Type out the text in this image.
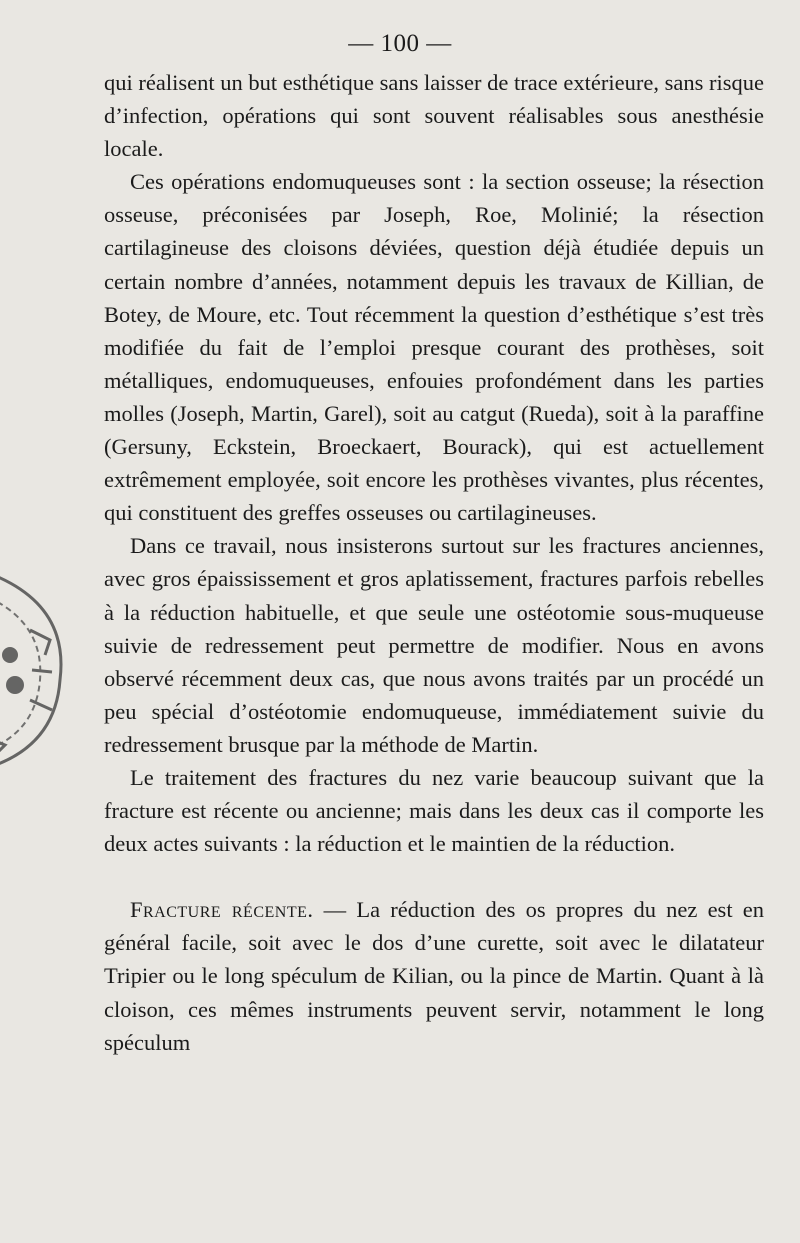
— 100 —

qui réalisent un but esthétique sans laisser de trace extérieure, sans risque d’infection, opérations qui sont souvent réalisables sous anesthésie locale.

Ces opérations endomuqueuses sont : la section osseuse; la résection osseuse, préconisées par Joseph, Roe, Molinié; la résection cartilagineuse des cloisons déviées, question déjà étudiée depuis un certain nombre d’années, notamment depuis les travaux de Killian, de Botey, de Moure, etc. Tout récemment la question d’esthétique s’est très modifiée du fait de l’emploi presque courant des prothèses, soit métalliques, endomuqueuses, enfouies profondément dans les parties molles (Joseph, Martin, Garel), soit au catgut (Rueda), soit à la paraffine (Gersuny, Eckstein, Broeckaert, Bourack), qui est actuellement extrêmement employée, soit encore les prothèses vivantes, plus récentes, qui constituent des greffes osseuses ou cartilagineuses.

Dans ce travail, nous insisterons surtout sur les fractures anciennes, avec gros épaississement et gros aplatissement, fractures parfois rebelles à la réduction habituelle, et que seule une ostéotomie sous-muqueuse suivie de redressement peut permettre de modifier. Nous en avons observé récemment deux cas, que nous avons traités par un procédé un peu spécial d’ostéotomie endomuqueuse, immédiatement suivie du redressement brusque par la méthode de Martin.

Le traitement des fractures du nez varie beaucoup suivant que la fracture est récente ou ancienne; mais dans les deux cas il comporte les deux actes suivants : la réduction et le maintien de la réduction.

Fracture récente. — La réduction des os propres du nez est en général facile, soit avec le dos d’une curette, soit avec le dilatateur Tripier ou le long spéculum de Kilian, ou la pince de Martin. Quant à là cloison, ces mêmes instruments peuvent servir, notamment le long spéculum
